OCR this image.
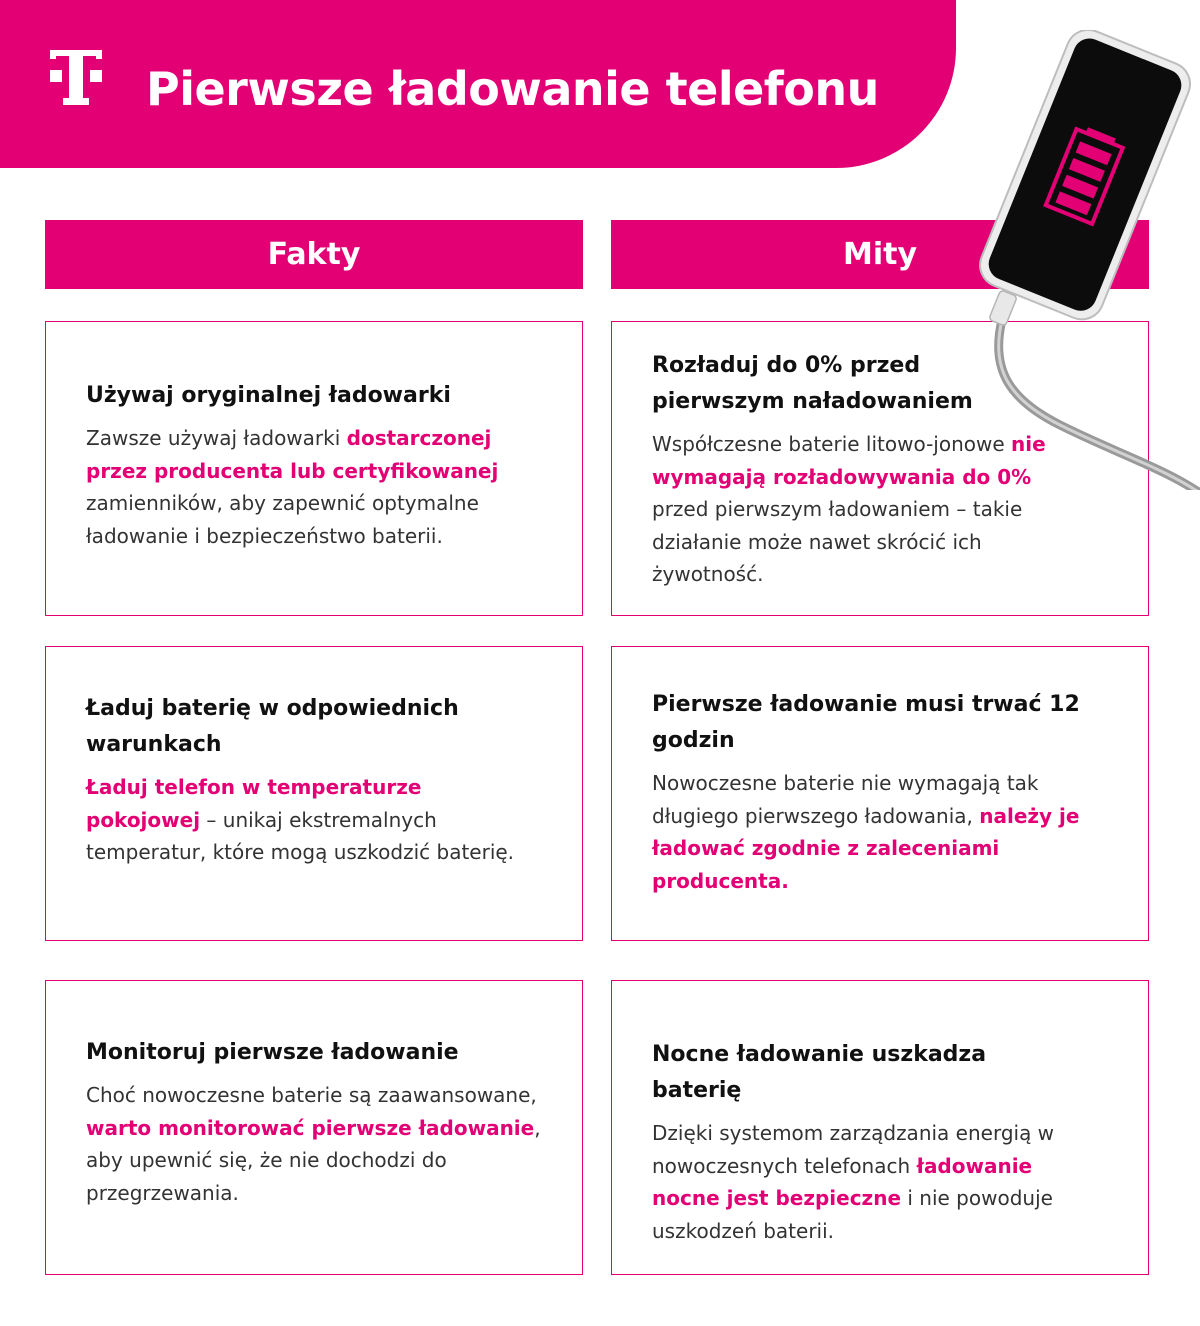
Pierwsze ładowanie telefonu
Fakty	Mity
Używaj oryginalnej ładowarki
Zawsze używaj ładowarki dostarczonej przez producenta lub certyfikowanej zamienników, aby zapewnić optymalne ładowanie i bezpieczeństwo baterii.
Ładuj baterię w odpowiednich warunkach
Ładuj telefon w temperaturze pokojowej – unikaj ekstremalnych temperatur, które mogą uszkodzić baterię.
Monitoruj pierwsze ładowanie
Choć nowoczesne baterie są zaawansowane, warto monitorować pierwsze ładowanie, aby upewnić się, że nie dochodzi do przegrzewania.
Rozładuj do 0% przed pierwszym naładowaniem
Współczesne baterie litowo-jonowe nie wymagają rozładowywania do 0% przed pierwszym ładowaniem – takie działanie może nawet skrócić ich żywotność.
Pierwsze ładowanie musi trwać 12 godzin
Nowoczesne baterie nie wymagają tak długiego pierwszego ładowania, należy je ładować zgodnie z zaleceniami producenta.
Nocne ładowanie uszkadza baterię
Dzięki systemom zarządzania energią w nowoczesnych telefonach ładowanie nocne jest bezpieczne i nie powoduje uszkodzeń baterii.
